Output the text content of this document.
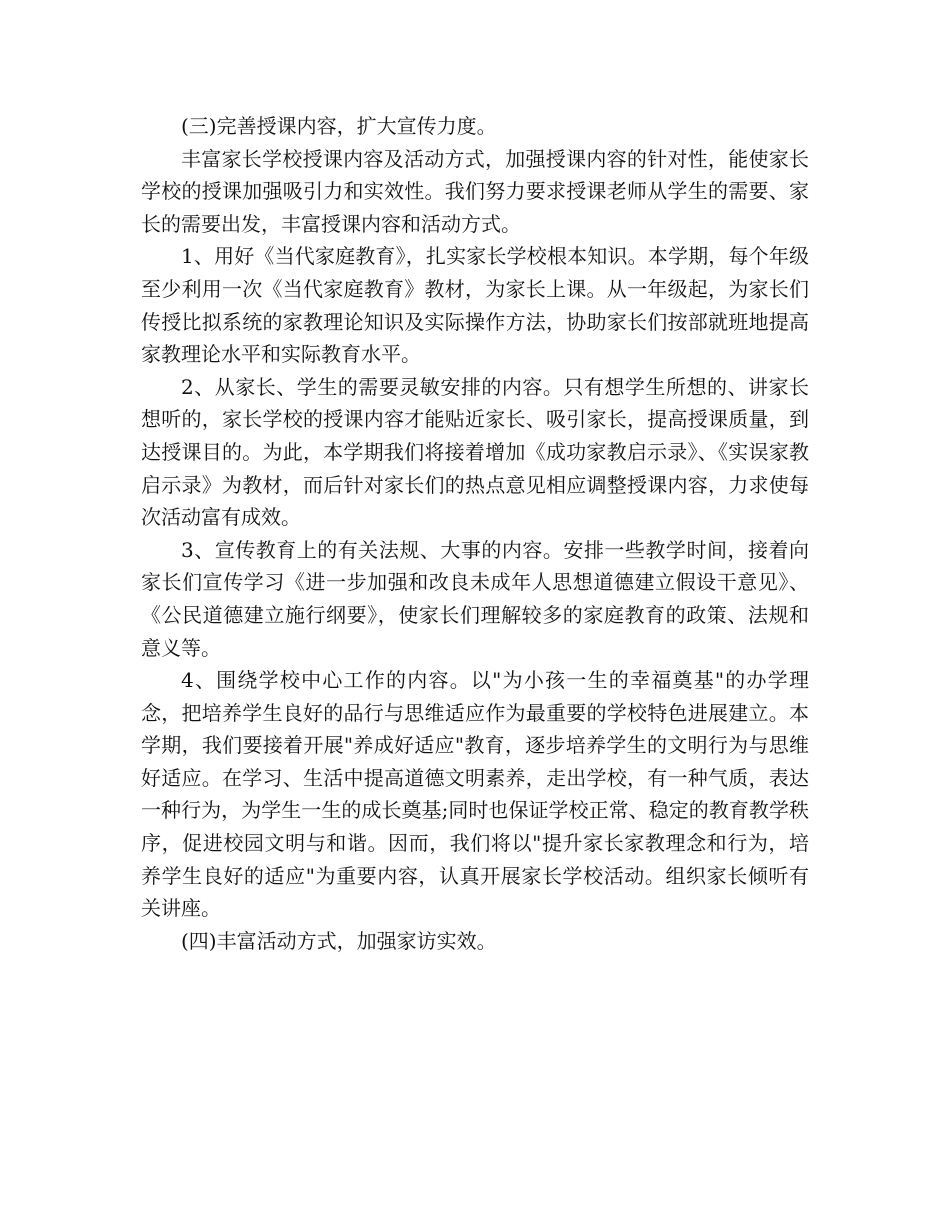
(三)完善授课内容，扩大宣传力度。

丰富家长学校授课内容及活动方式，加强授课内容的针对性，能使家长学校的授课加强吸引力和实效性。我们努力要求授课老师从学生的需要、家长的需要出发，丰富授课内容和活动方式。

1、用好《当代家庭教育》，扎实家长学校根本知识。本学期，每个年级至少利用一次《当代家庭教育》教材，为家长上课。从一年级起，为家长们传授比拟系统的家教理论知识及实际操作方法，协助家长们按部就班地提高家教理论水平和实际教育水平。

2、从家长、学生的需要灵敏安排的内容。只有想学生所想的、讲家长想听的，家长学校的授课内容才能贴近家长、吸引家长，提高授课质量，到达授课目的。为此，本学期我们将接着增加《成功家教启示录》、《实误家教启示录》为教材，而后针对家长们的热点意见相应调整授课内容，力求使每次活动富有成效。

3、宣传教育上的有关法规、大事的内容。安排一些教学时间，接着向家长们宣传学习《进一步加强和改良未成年人思想道德建立假设干意见》、《公民道德建立施行纲要》，使家长们理解较多的家庭教育的政策、法规和意义等。

4、围绕学校中心工作的内容。以"为小孩一生的幸福奠基"的办学理念，把培养学生良好的品行与思维适应作为最重要的学校特色进展建立。本学期，我们要接着开展"养成好适应"教育，逐步培养学生的文明行为与思维好适应。在学习、生活中提高道德文明素养，走出学校，有一种气质，表达一种行为，为学生一生的成长奠基;同时也保证学校正常、稳定的教育教学秩序，促进校园文明与和谐。因而，我们将以"提升家长家教理念和行为，培养学生良好的适应"为重要内容，认真开展家长学校活动。组织家长倾听有关讲座。

(四)丰富活动方式，加强家访实效。
